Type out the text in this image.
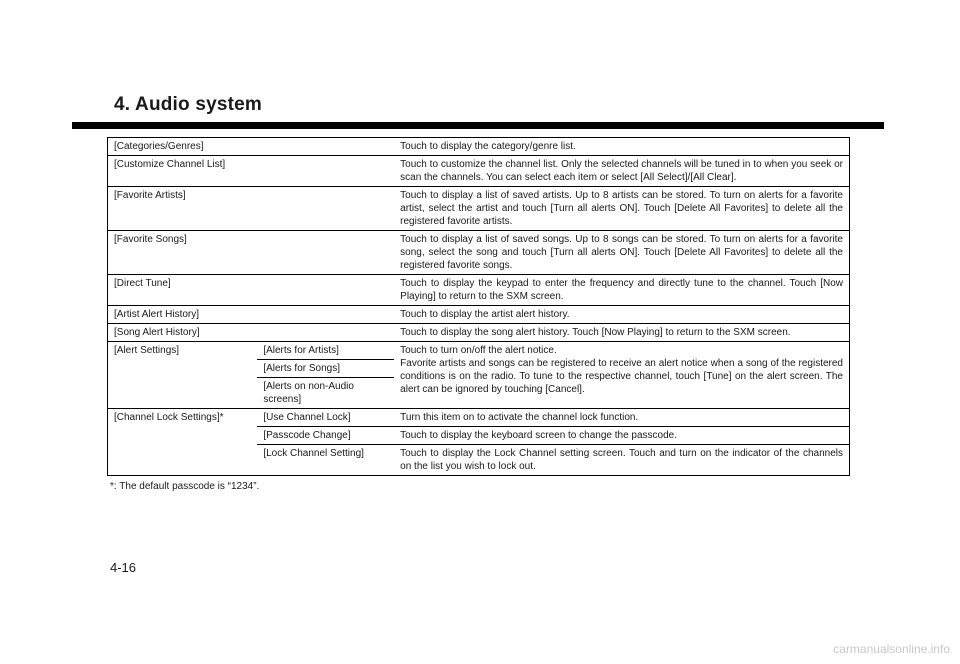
4. Audio system
[Categories/Genres]		Touch to display the category/genre list.
[Customize Channel List]		Touch to customize the channel list. Only the selected channels will be tuned in to when you seek or scan the channels. You can select each item or select [All Select]/[All Clear].
[Favorite Artists]		Touch to display a list of saved artists. Up to 8 artists can be stored. To turn on alerts for a favorite artist, select the artist and touch [Turn all alerts ON]. Touch [Delete All Favorites] to delete all the registered favorite artists.
[Favorite Songs]		Touch to display a list of saved songs. Up to 8 songs can be stored. To turn on alerts for a favorite song, select the song and touch [Turn all alerts ON]. Touch [Delete All Favorites] to delete all the registered favorite songs.
[Direct Tune]		Touch to display the keypad to enter the frequency and directly tune to the channel. Touch [Now Playing] to return to the SXM screen.
[Artist Alert History]		Touch to display the artist alert history.
[Song Alert History]		Touch to display the song alert history. Touch [Now Playing] to return to the SXM screen.
[Alert Settings]	[Alerts for Artists]	Touch to turn on/off the alert notice.
Favorite artists and songs can be registered to receive an alert notice when a song of the registered conditions is on the radio. To tune to the respective channel, touch [Tune] on the alert screen. The alert can be ignored by touching [Cancel].

	[Alerts for Songs]	
	[Alerts on non-Audio screens]	
[Channel Lock Settings]*	[Use Channel Lock]	Turn this item on to activate the channel lock function.
	[Passcode Change]	Touch to display the keyboard screen to change the passcode.
	[Lock Channel Setting]	Touch to display the Lock Channel setting screen. Touch and turn on the indicator of the channels on the list you wish to lock out.

*: The default passcode is “1234”.

4-16

carmanualsonline.info
